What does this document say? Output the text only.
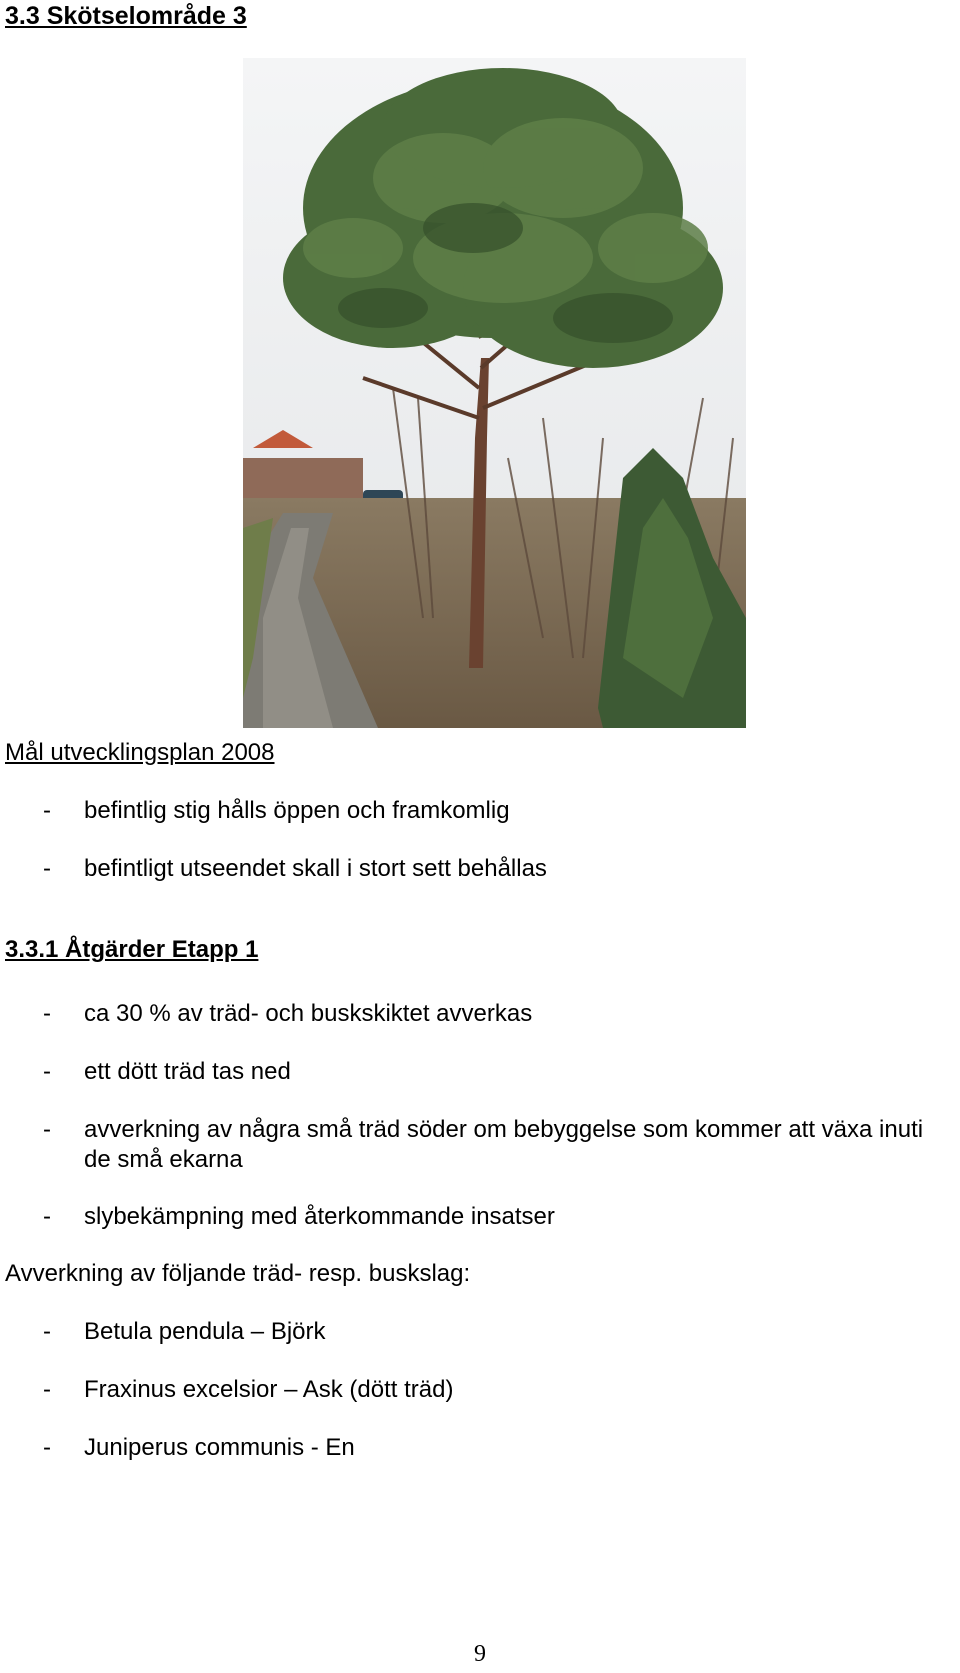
3.3 Skötselområde 3
Mål utvecklingsplan 2008
- befintlig stig hålls öppen och framkomlig
- befintligt utseendet skall i stort sett behållas
3.3.1 Åtgärder Etapp 1
- ca 30 % av träd- och buskskiktet avverkas
- ett dött träd tas ned
- avverkning av några små träd söder om bebyggelse som kommer att växa inuti de små ekarna
- slybekämpning med återkommande insatser

Avverkning av följande träd- resp. buskslag:

- Betula pendula – Björk
- Fraxinus excelsior – Ask (dött träd)
- Juniperus communis - En
9
